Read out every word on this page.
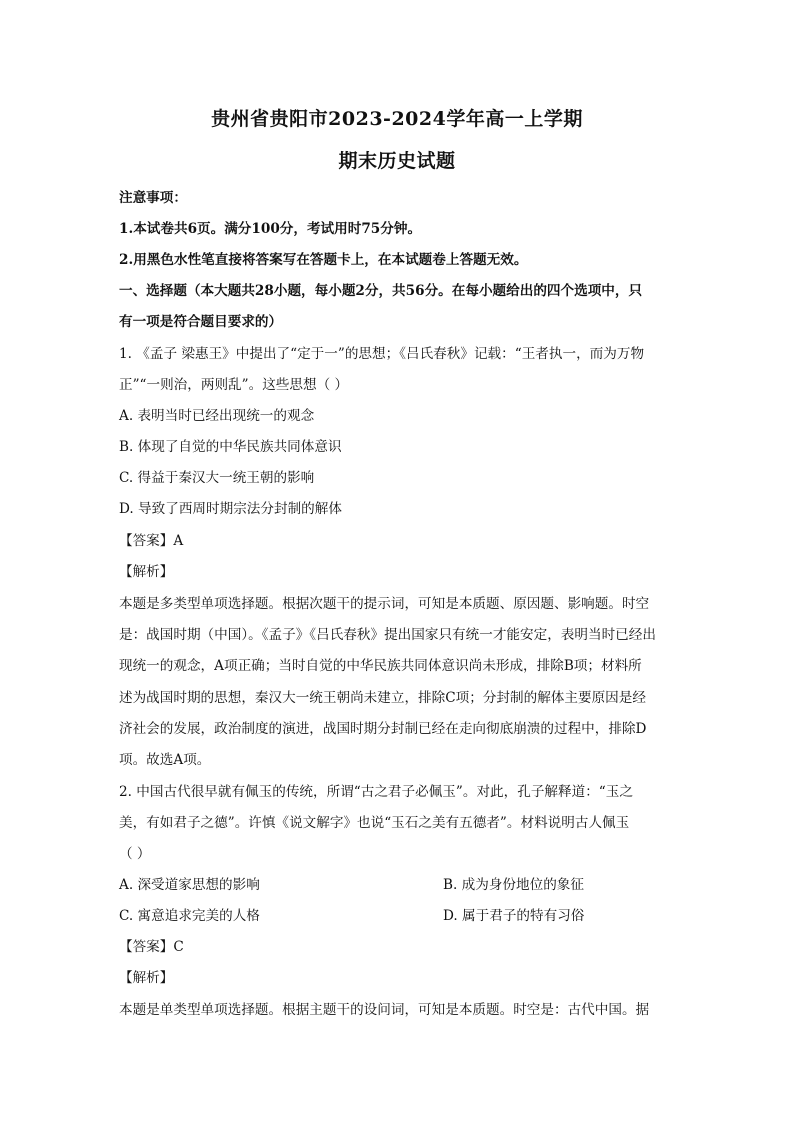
贵州省贵阳市2023-2024学年高一上学期
期末历史试题
注意事项：
1.本试卷共6页。满分100分，考试用时75分钟。
2.用黑色水性笔直接将答案写在答题卡上，在本试题卷上答题无效。
一、选择题（本大题共28小题，每小题2分，共56分。在每小题给出的四个选项中，只
有一项是符合题目要求的）
1. 《孟子 梁惠王》中提出了“定于一”的思想；《吕氏春秋》记载：“王者执一，而为万物
正”“一则治，两则乱”。这些思想（ ）
A. 表明当时已经出现统一的观念
B. 体现了自觉的中华民族共同体意识
C. 得益于秦汉大一统王朝的影响
D. 导致了西周时期宗法分封制的解体
【答案】A
【解析】
本题是多类型单项选择题。根据次题干的提示词，可知是本质题、原因题、影响题。时空
是：战国时期（中国）。《孟子》《吕氏春秋》提出国家只有统一才能安定，表明当时已经出
现统一的观念，A项正确；当时自觉的中华民族共同体意识尚未形成，排除B项；材料所
述为战国时期的思想，秦汉大一统王朝尚未建立，排除C项；分封制的解体主要原因是经
济社会的发展，政治制度的演进，战国时期分封制已经在走向彻底崩溃的过程中，排除D
项。故选A项。
2. 中国古代很早就有佩玉的传统，所谓“古之君子必佩玉”。对此，孔子解释道：“玉之
美，有如君子之德”。许慎《说文解字》也说“玉石之美有五德者”。材料说明古人佩玉
（ ）
A. 深受道家思想的影响	B. 成为身份地位的象征
C. 寓意追求完美的人格	D. 属于君子的特有习俗
【答案】C
【解析】
本题是单类型单项选择题。根据主题干的设问词，可知是本质题。时空是：古代中国。据
